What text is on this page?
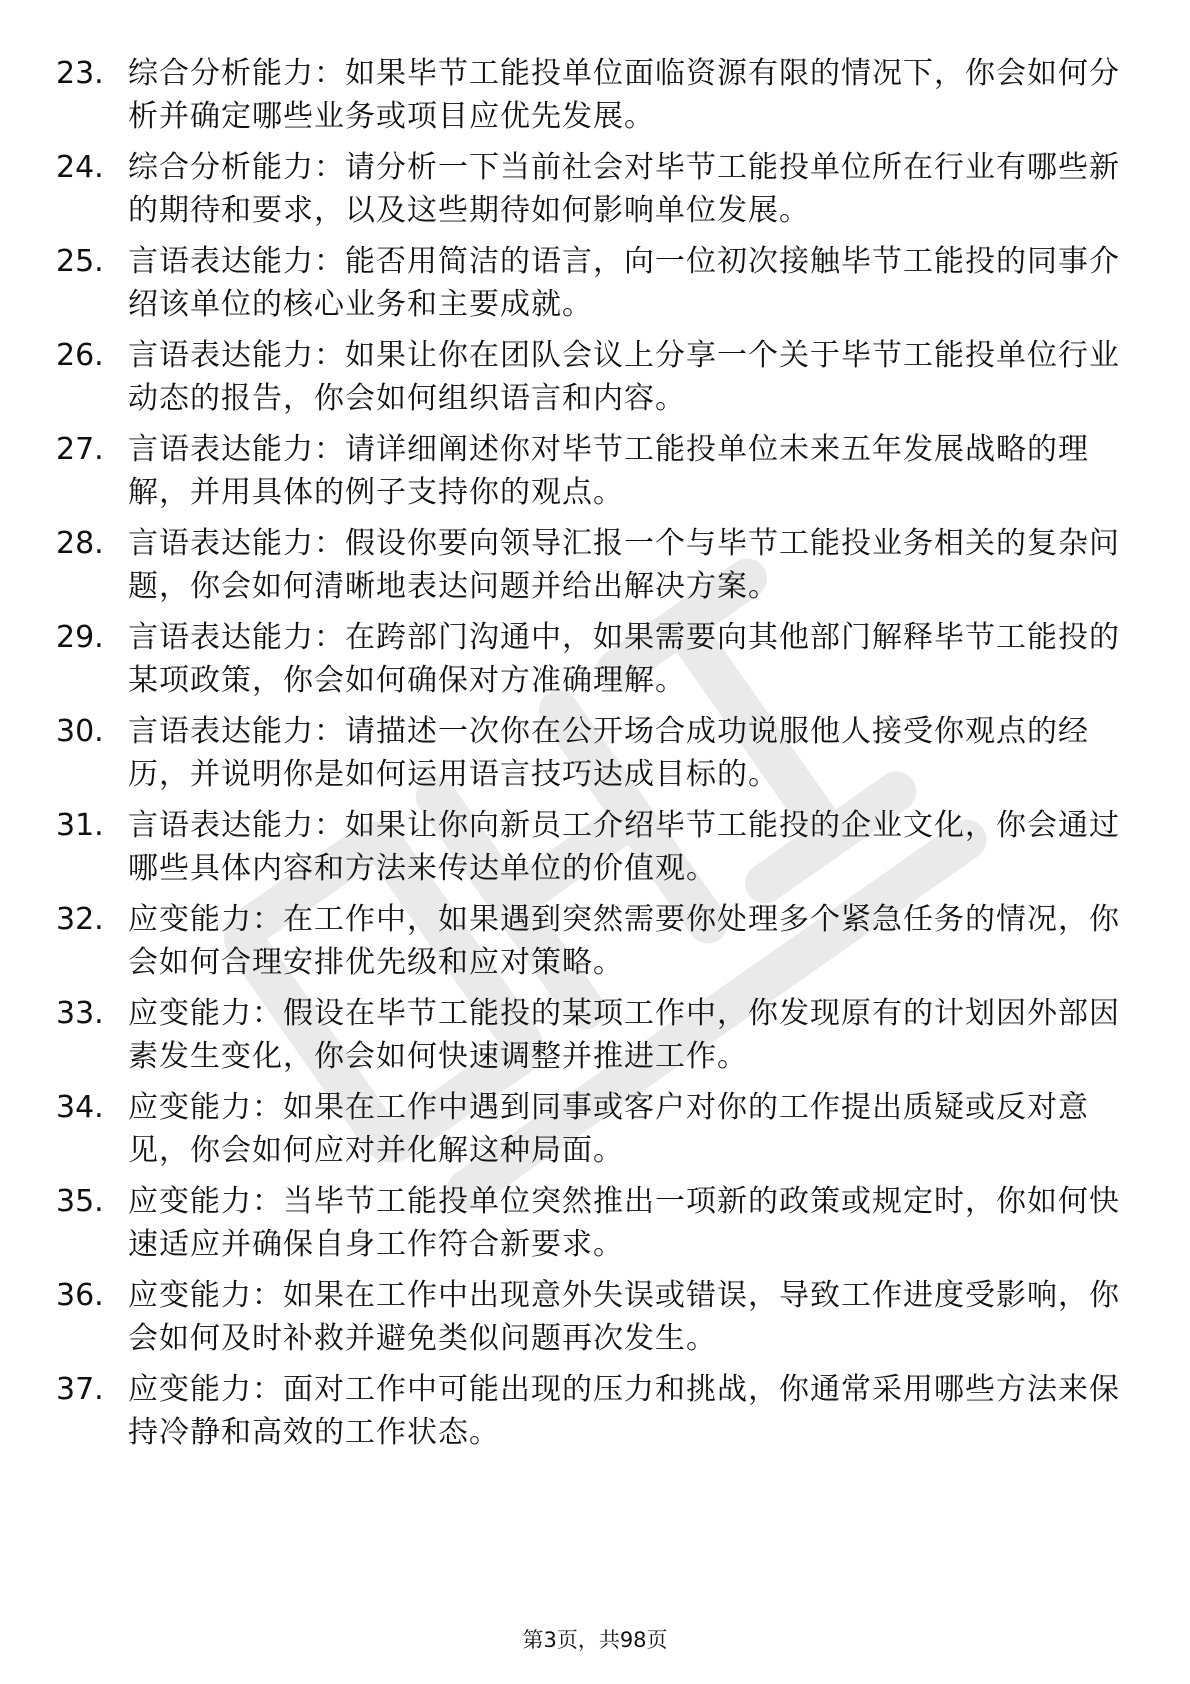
23. 综合分析能力：如果毕节工能投单位面临资源有限的情况下，你会如何分析并确定哪些业务或项目应优先发展。
24. 综合分析能力：请分析一下当前社会对毕节工能投单位所在行业有哪些新的期待和要求，以及这些期待如何影响单位发展。
25. 言语表达能力：能否用简洁的语言，向一位初次接触毕节工能投的同事介绍该单位的核心业务和主要成就。
26. 言语表达能力：如果让你在团队会议上分享一个关于毕节工能投单位行业动态的报告，你会如何组织语言和内容。
27. 言语表达能力：请详细阐述你对毕节工能投单位未来五年发展战略的理解，并用具体的例子支持你的观点。
28. 言语表达能力：假设你要向领导汇报一个与毕节工能投业务相关的复杂问题，你会如何清晰地表达问题并给出解决方案。
29. 言语表达能力：在跨部门沟通中，如果需要向其他部门解释毕节工能投的某项政策，你会如何确保对方准确理解。
30. 言语表达能力：请描述一次你在公开场合成功说服他人接受你观点的经历，并说明你是如何运用语言技巧达成目标的。
31. 言语表达能力：如果让你向新员工介绍毕节工能投的企业文化，你会通过哪些具体内容和方法来传达单位的价值观。
32. 应变能力：在工作中，如果遇到突然需要你处理多个紧急任务的情况，你会如何合理安排优先级和应对策略。
33. 应变能力：假设在毕节工能投的某项工作中，你发现原有的计划因外部因素发生变化，你会如何快速调整并推进工作。
34. 应变能力：如果在工作中遇到同事或客户对你的工作提出质疑或反对意见，你会如何应对并化解这种局面。
35. 应变能力：当毕节工能投单位突然推出一项新的政策或规定时，你如何快速适应并确保自身工作符合新要求。
36. 应变能力：如果在工作中出现意外失误或错误，导致工作进度受影响，你会如何及时补救并避免类似问题再次发生。
37. 应变能力：面对工作中可能出现的压力和挑战，你通常采用哪些方法来保持冷静和高效的工作状态。
第3页，共98页
